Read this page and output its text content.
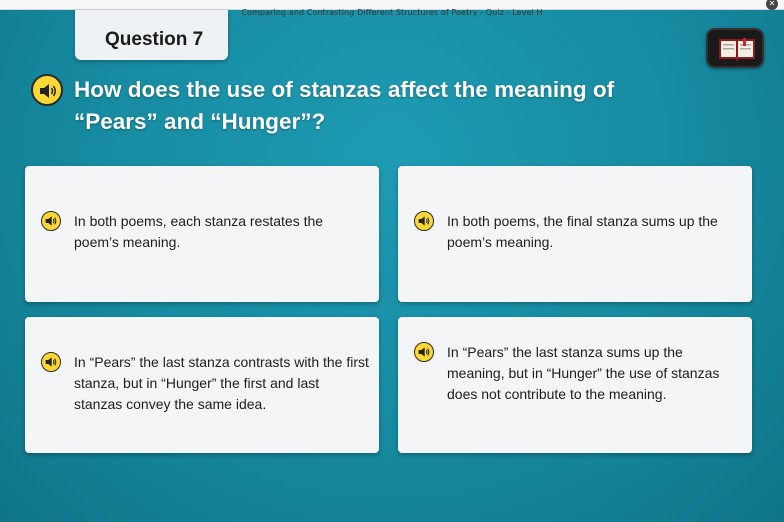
Comparing and Contrasting Different Structures of Poetry - Quiz - Level H
✕
Question 7
How does the use of stanzas affect the meaning of “Pears” and “Hunger”?
In both poems, each stanza restates the poem’s meaning.
In both poems, the final stanza sums up the poem’s meaning.
In “Pears” the last stanza contrasts with the first stanza, but in “Hunger” the first and last stanzas convey the same idea.
In “Pears” the last stanza sums up the meaning, but in “Hunger” the use of stanzas does not contribute to the meaning.
